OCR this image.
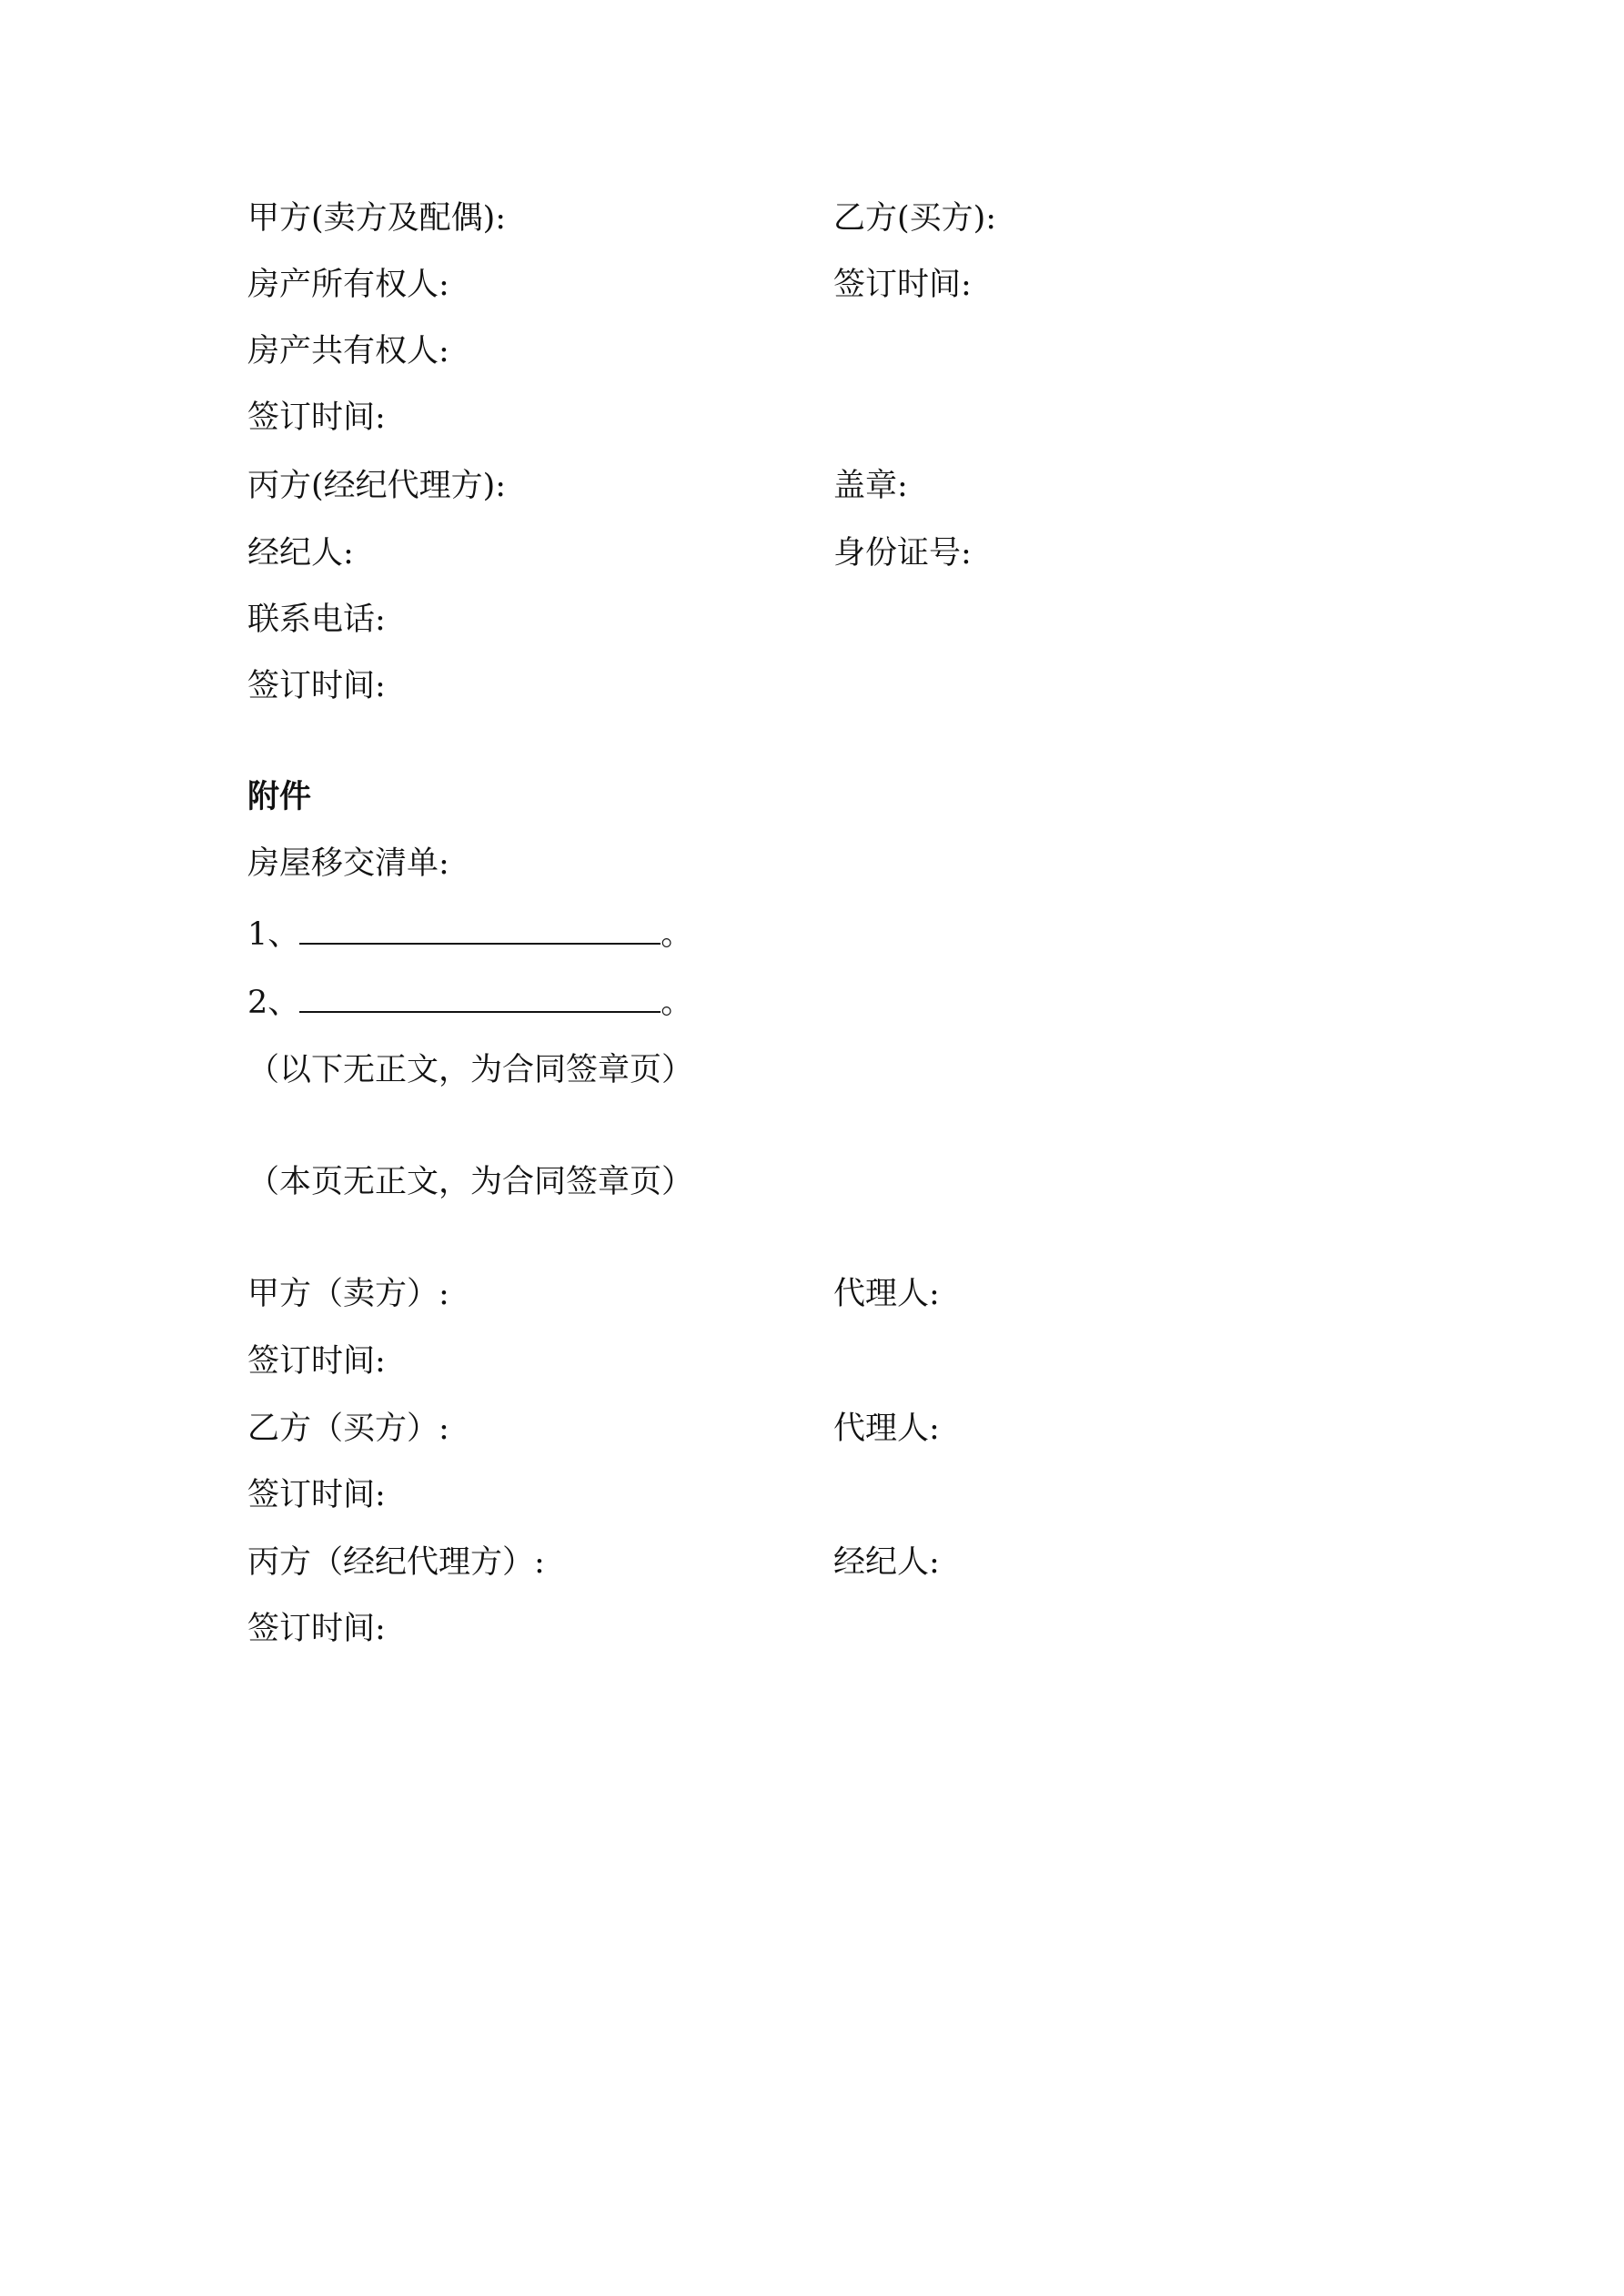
甲方(卖方及配偶):	乙方(买方):
房产所有权人:	签订时间:
房产共有权人:
签订时间:
丙方(经纪代理方):	盖章:
经纪人:	身份证号:
联系电话:
签订时间:
附件
房屋移交清单:
1、	。
2、	。
（以下无正文，为合同签章页）
（本页无正文，为合同签章页）
甲方（卖方）:	代理人:
签订时间:
乙方（买方）:	代理人:
签订时间:
丙方（经纪代理方）:	经纪人:
签订时间:
